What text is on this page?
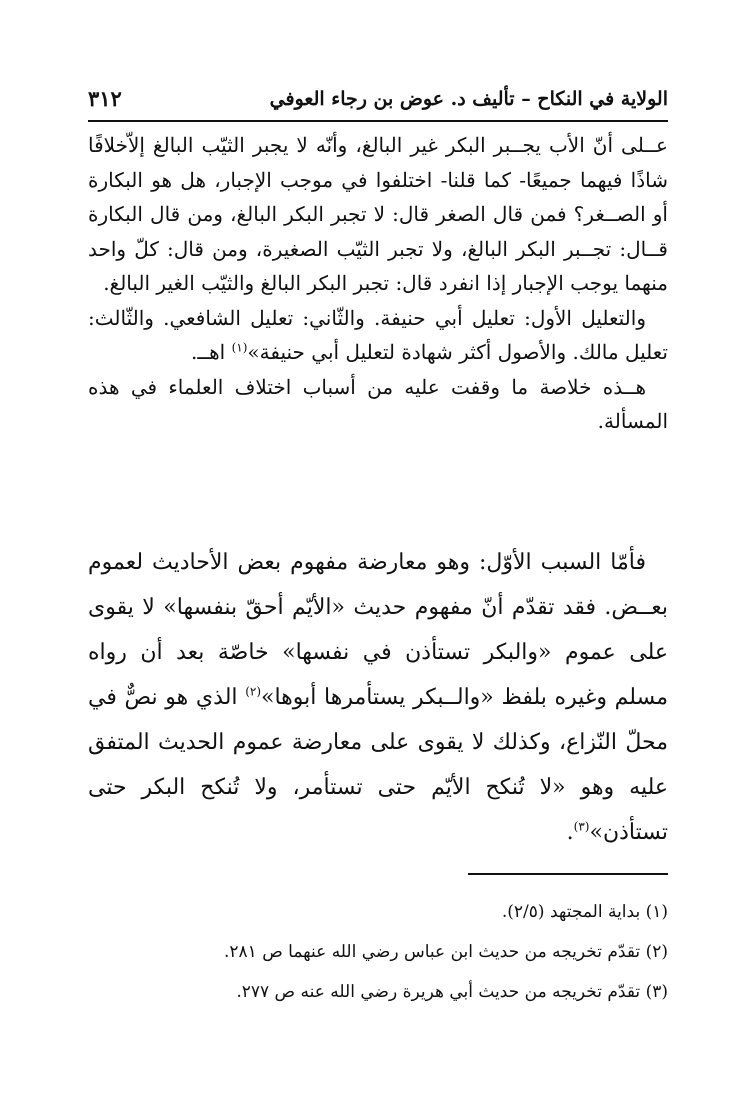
الولاية في النكاح – تأليف د. عوض بن رجاء العوفي
٣١٢

عــلى أنّ الأب يجــبر البكر غير البالغ، وأنّه لا يجبر الثيّب البالغ إلاّخلافًا شاذًا فيهما جميعًا- كما قلنا- اختلفوا في موجب الإجبار، هل هو البكارة أو الصــغر؟ فمن قال الصغر قال: لا تجبر البكر البالغ، ومن قال البكارة قــال: تجــبر البكر البالغ، ولا تجبر الثيّب الصغيرة، ومن قال: كلّ واحد منهما يوجب الإجبار إذا انفرد قال: تجبر البكر البالغ والثيّب الغير البالغ.

والتعليل الأول: تعليل أبي حنيفة. والثّاني: تعليل الشافعي. والثّالث: تعليل مالك. والأصول أكثر شهادة لتعليل أبي حنيفة»$^{(١)}$ اهــ.

هــذه خلاصة ما وقفت عليه من أسباب اختلاف العلماء في هذه المسألة.

فأمّا السبب الأوّل: وهو معارضة مفهوم بعض الأحاديث لعموم بعــض. فقد تقدّم أنّ مفهوم حديث «الأيّم أحقّ بنفسها» لا يقوى على عموم «والبكر تستأذن في نفسها» خاصّة بعد أن رواه مسلم وغيره بلفظ «والــبكر يستأمرها أبوها»$^{(٢)}$ الذي هو نصٌّ في محلّ النّزاع، وكذلك لا يقوى على معارضة عموم الحديث المتفق عليه وهو «لا تُنكح الأيّم حتى تستأمر، ولا تُنكح البكر حتى تستأذن»$^{(٣)}$.

(١) بداية المجتهد (٢/٥).

(٢) تقدّم تخريجه من حديث ابن عباس رضي الله عنهما ص ٢٨١.

(٣) تقدّم تخريجه من حديث أبي هريرة رضي الله عنه ص ٢٧٧.
